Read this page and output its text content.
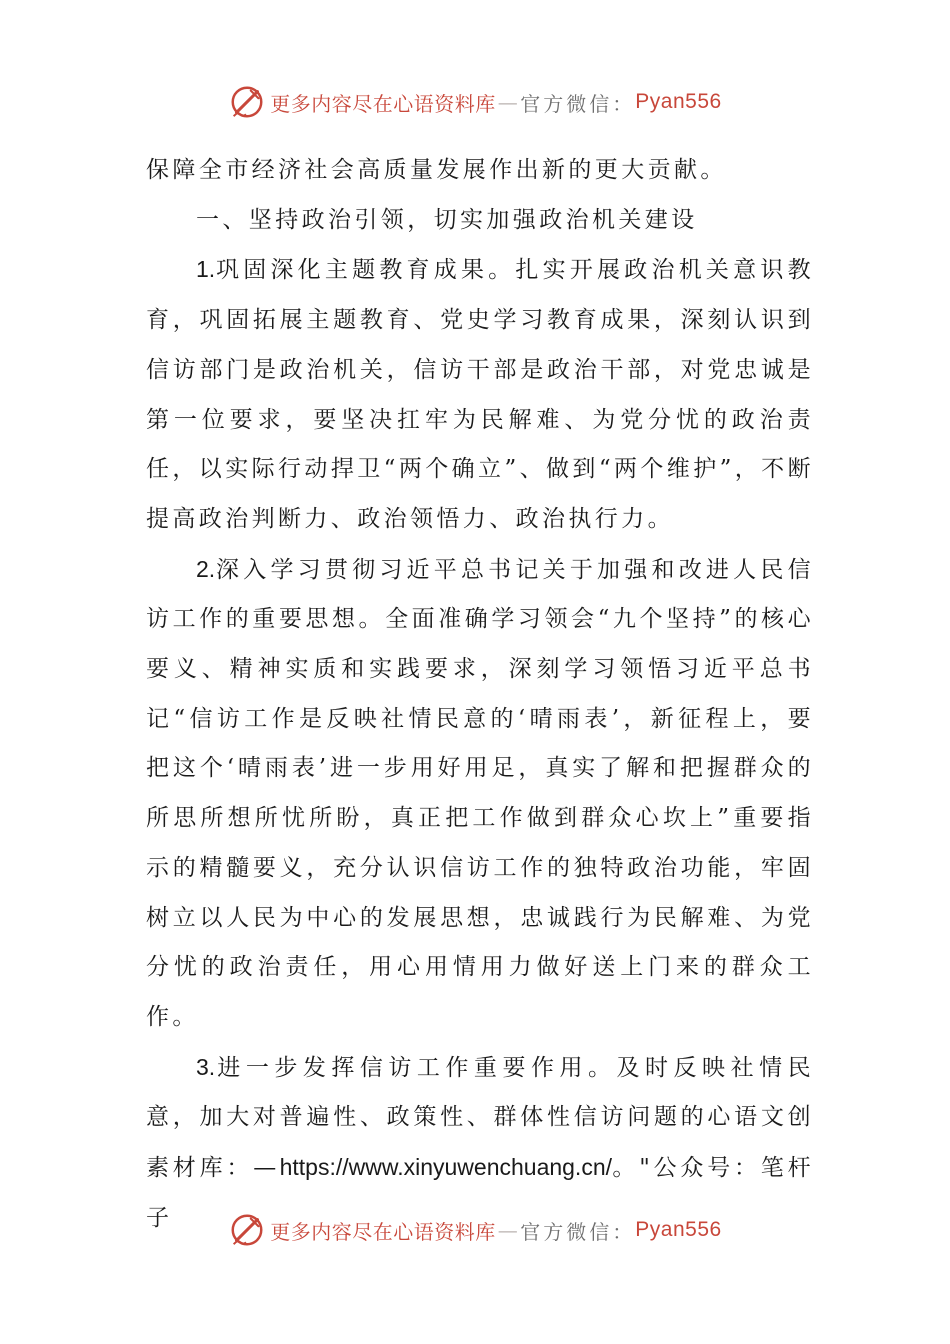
更多内容尽在心语资料库 — 官方微信： Pyan556

保障全市经济社会高质量发展作出新的更大贡献。

一、坚持政治引领，切实加强政治机关建设

1.巩固深化主题教育成果。扎实开展政治机关意识教育，巩固拓展主题教育、党史学习教育成果，深刻认识到信访部门是政治机关，信访干部是政治干部，对党忠诚是第一位要求，要坚决扛牢为民解难、为党分忧的政治责任，以实际行动捍卫“两个确立”、做到“两个维护”，不断提高政治判断力、政治领悟力、政治执行力。

2.深入学习贯彻习近平总书记关于加强和改进人民信访工作的重要思想。全面准确学习领会“九个坚持”的核心要义、精神实质和实践要求，深刻学习领悟习近平总书记“信访工作是反映社情民意的‘晴雨表’，新征程上，要把这个‘晴雨表’进一步用好用足，真实了解和把握群众的所思所想所忧所盼，真正把工作做到群众心坎上”重要指示的精髓要义，充分认识信访工作的独特政治功能，牢固树立以人民为中心的发展思想，忠诚践行为民解难、为党分忧的政治责任，用心用情用力做好送上门来的群众工作。

3.进一步发挥信访工作重要作用。及时反映社情民意，加大对普遍性、政策性、群体性信访问题的心语文创素材库：—https://www.xinyuwenchuang.cn/。"公众号：笔杆子

更多内容尽在心语资料库 — 官方微信： Pyan556
